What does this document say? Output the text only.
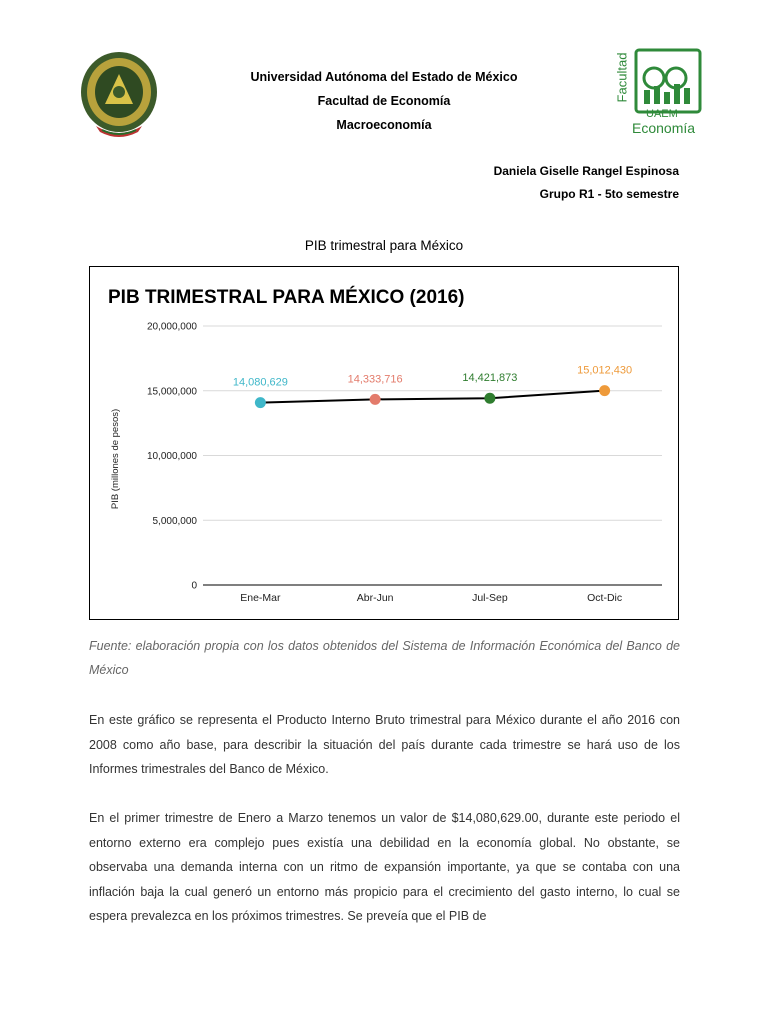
Universidad Autónoma del Estado de México
Facultad de Economía
Macroeconomía
Facultad
UAEM
Economía
Daniela Giselle Rangel Espinosa
Grupo R1 - 5to semestre
PIB trimestral para México
PIB TRIMESTRAL PARA MÉXICO (2016)
PIB (millones de pesos)
0
5,000,000
10,000,000
15,000,000
20,000,000
Ene-Mar	Abr-Jun	Jul-Sep	Oct-Dic
14,080,629	14,333,716	14,421,873
15,012,430
Fuente: elaboración propia con los datos obtenidos del Sistema de Información Económica del Banco de México
En este gráfico se representa el Producto Interno Bruto trimestral para México durante el año 2016 con 2008 como año base, para describir la situación del país durante cada trimestre se hará uso de los Informes trimestrales del Banco de México.
En el primer trimestre de Enero a Marzo tenemos un valor de $14,080,629.00, durante este periodo el entorno externo era complejo pues existía una debilidad en la economía global. No obstante, se observaba una demanda interna con un ritmo de expansión importante, ya que se contaba con una inflación baja la cual generó un entorno más propicio para el crecimiento del gasto interno, lo cual se espera prevalezca en los próximos trimestres. Se preveía que el PIB de
